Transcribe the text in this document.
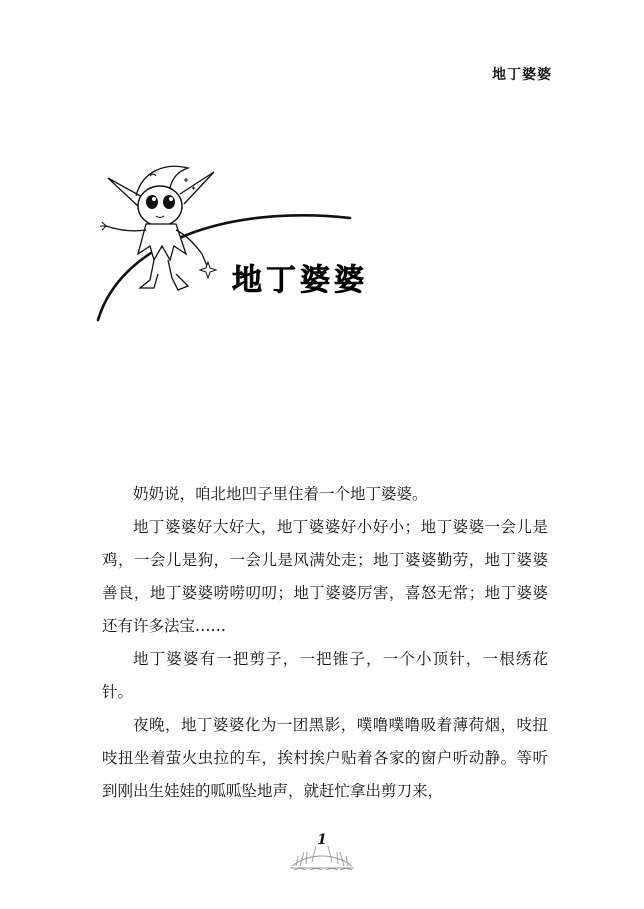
地丁婆婆
地丁婆婆

奶奶说，咱北地凹子里住着一个地丁婆婆。

地丁婆婆好大好大，地丁婆婆好小好小；地丁婆婆一会儿是鸡，一会儿是狗，一会儿是风满处走；地丁婆婆勤劳，地丁婆婆善良，地丁婆婆唠唠叨叨；地丁婆婆厉害，喜怒无常；地丁婆婆还有许多法宝……

地丁婆婆有一把剪子，一把锥子，一个小顶针，一根绣花针。

夜晚，地丁婆婆化为一团黑影，噗噜噗噜吸着薄荷烟，吱扭吱扭坐着萤火虫拉的车，挨村挨户贴着各家的窗户听动静。等听到刚出生娃娃的呱呱坠地声，就赶忙拿出剪刀来，

1
